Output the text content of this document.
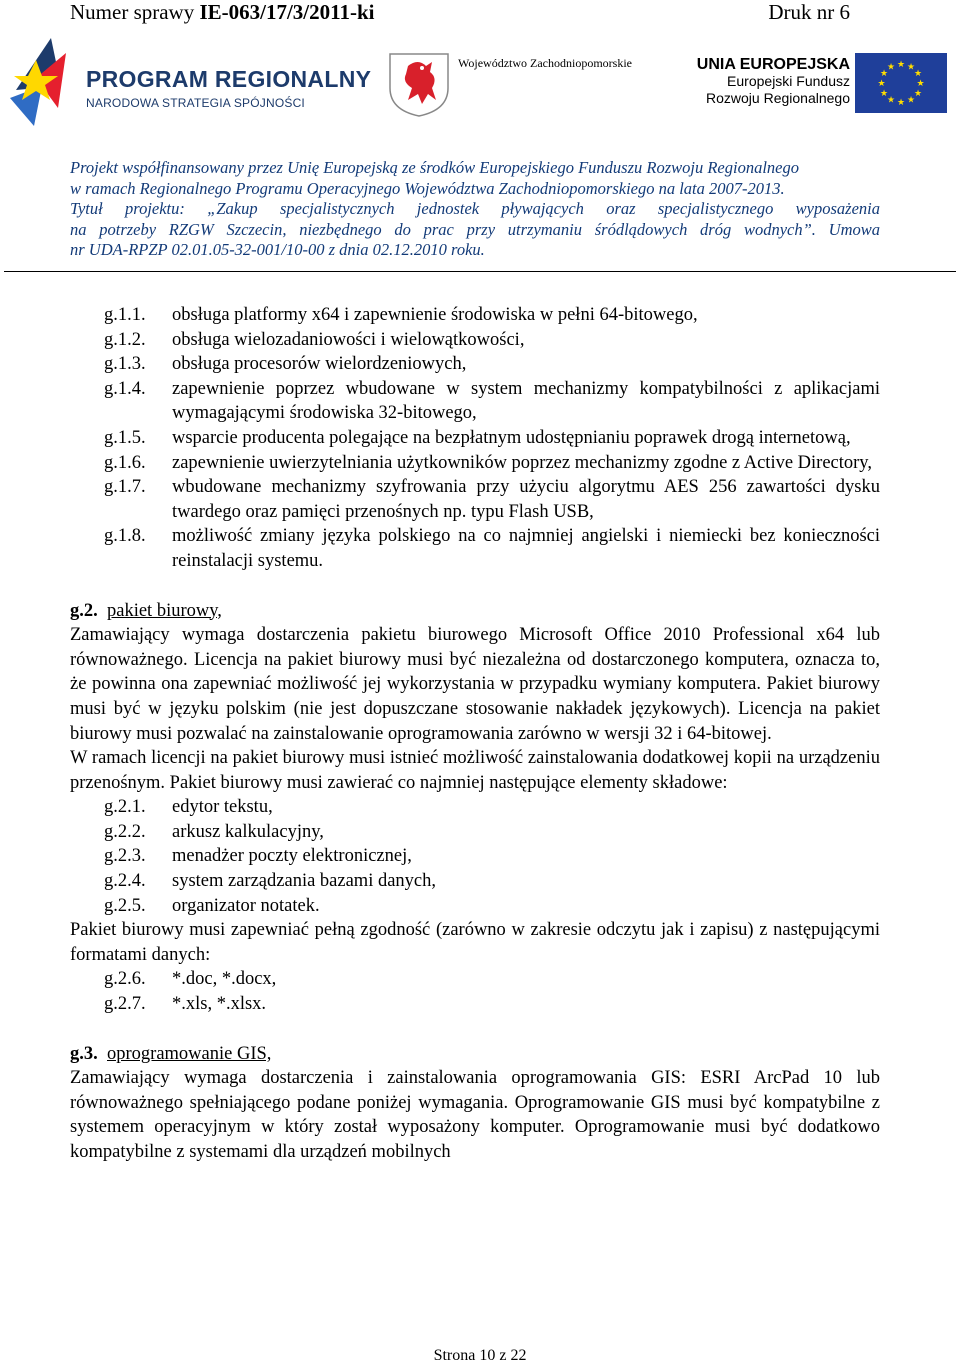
Numer sprawy IE-063/17/3/2011-ki	Druk nr 6
PROGRAM REGIONALNY
NARODOWA STRATEGIA SPÓJNOŚCI
Województwo Zachodniopomorskie	UNIA EUROPEJSKA
Europejski Fundusz
Rozwoju Regionalnego
★ ★
★
★
★
★
★
★
★
★
★
★
Projekt współfinansowany przez Unię Europejską ze środków Europejskiego Funduszu Rozwoju Regionalnego
w ramach Regionalnego Programu Operacyjnego Województwa Zachodniopomorskiego na lata 2007-2013.
Tytuł projektu: „Zakup specjalistycznych jednostek pływających oraz specjalistycznego wyposażenia
na potrzeby RZGW Szczecin, niezbędnego do prac przy utrzymaniu śródlądowych dróg wodnych”. Umowa
nr UDA-RPZP 02.01.05-32-001/10-00 z dnia 02.12.2010 roku.
g.1.1.	obsługa platformy x64 i zapewnienie środowiska w pełni 64-bitowego,
g.1.2.	obsługa wielozadaniowości i wielowątkowości,
g.1.3.	obsługa procesorów wielordzeniowych,
g.1.4.	zapewnienie poprzez wbudowane w system mechanizmy kompatybilności z aplikacjami wymagającymi środowiska 32-bitowego,
g.1.5.	wsparcie producenta polegające na bezpłatnym udostępnianiu poprawek drogą internetową,
g.1.6.	zapewnienie uwierzytelniania użytkowników poprzez mechanizmy zgodne z Active Directory,
g.1.7.	wbudowane mechanizmy szyfrowania przy użyciu algorytmu AES 256 zawartości dysku twardego oraz pamięci przenośnych np. typu Flash USB,
g.1.8.	możliwość zmiany języka polskiego na co najmniej angielski i niemiecki bez konieczności reinstalacji systemu.
g.2. pakiet biurowy,

Zamawiający wymaga dostarczenia pakietu biurowego Microsoft Office 2010 Professional x64 lub równoważnego. Licencja na pakiet biurowy musi być niezależna od dostarczonego komputera, oznacza to, że powinna ona zapewniać możliwość jej wykorzystania w przypadku wymiany komputera. Pakiet biurowy musi być w języku polskim (nie jest dopuszczane stosowanie nakładek językowych). Licencja na pakiet biurowy musi pozwalać na zainstalowanie oprogramowania zarówno w wersji 32 i 64-bitowej.

W ramach licencji na pakiet biurowy musi istnieć możliwość zainstalowania dodatkowej kopii na urządzeniu przenośnym. Pakiet biurowy musi zawierać co najmniej następujące elementy składowe:

g.2.1.	edytor tekstu,
g.2.2.	arkusz kalkulacyjny,
g.2.3.	menadżer poczty elektronicznej,
g.2.4.	system zarządzania bazami danych,
g.2.5.	organizator notatek.

Pakiet biurowy musi zapewniać pełną zgodność (zarówno w zakresie odczytu jak i zapisu) z następującymi formatami danych:

g.2.6.	*.doc, *.docx,
g.2.7.	*.xls, *.xlsx.
g.3. oprogramowanie GIS,

Zamawiający wymaga dostarczenia i zainstalowania oprogramowania GIS: ESRI ArcPad 10 lub równoważnego spełniającego podane poniżej wymagania. Oprogramowanie GIS musi być kompatybilne z systemem operacyjnym w który został wyposażony komputer. Oprogramowanie musi być dodatkowo kompatybilne z systemami dla urządzeń mobilnych

Strona 10 z 22
